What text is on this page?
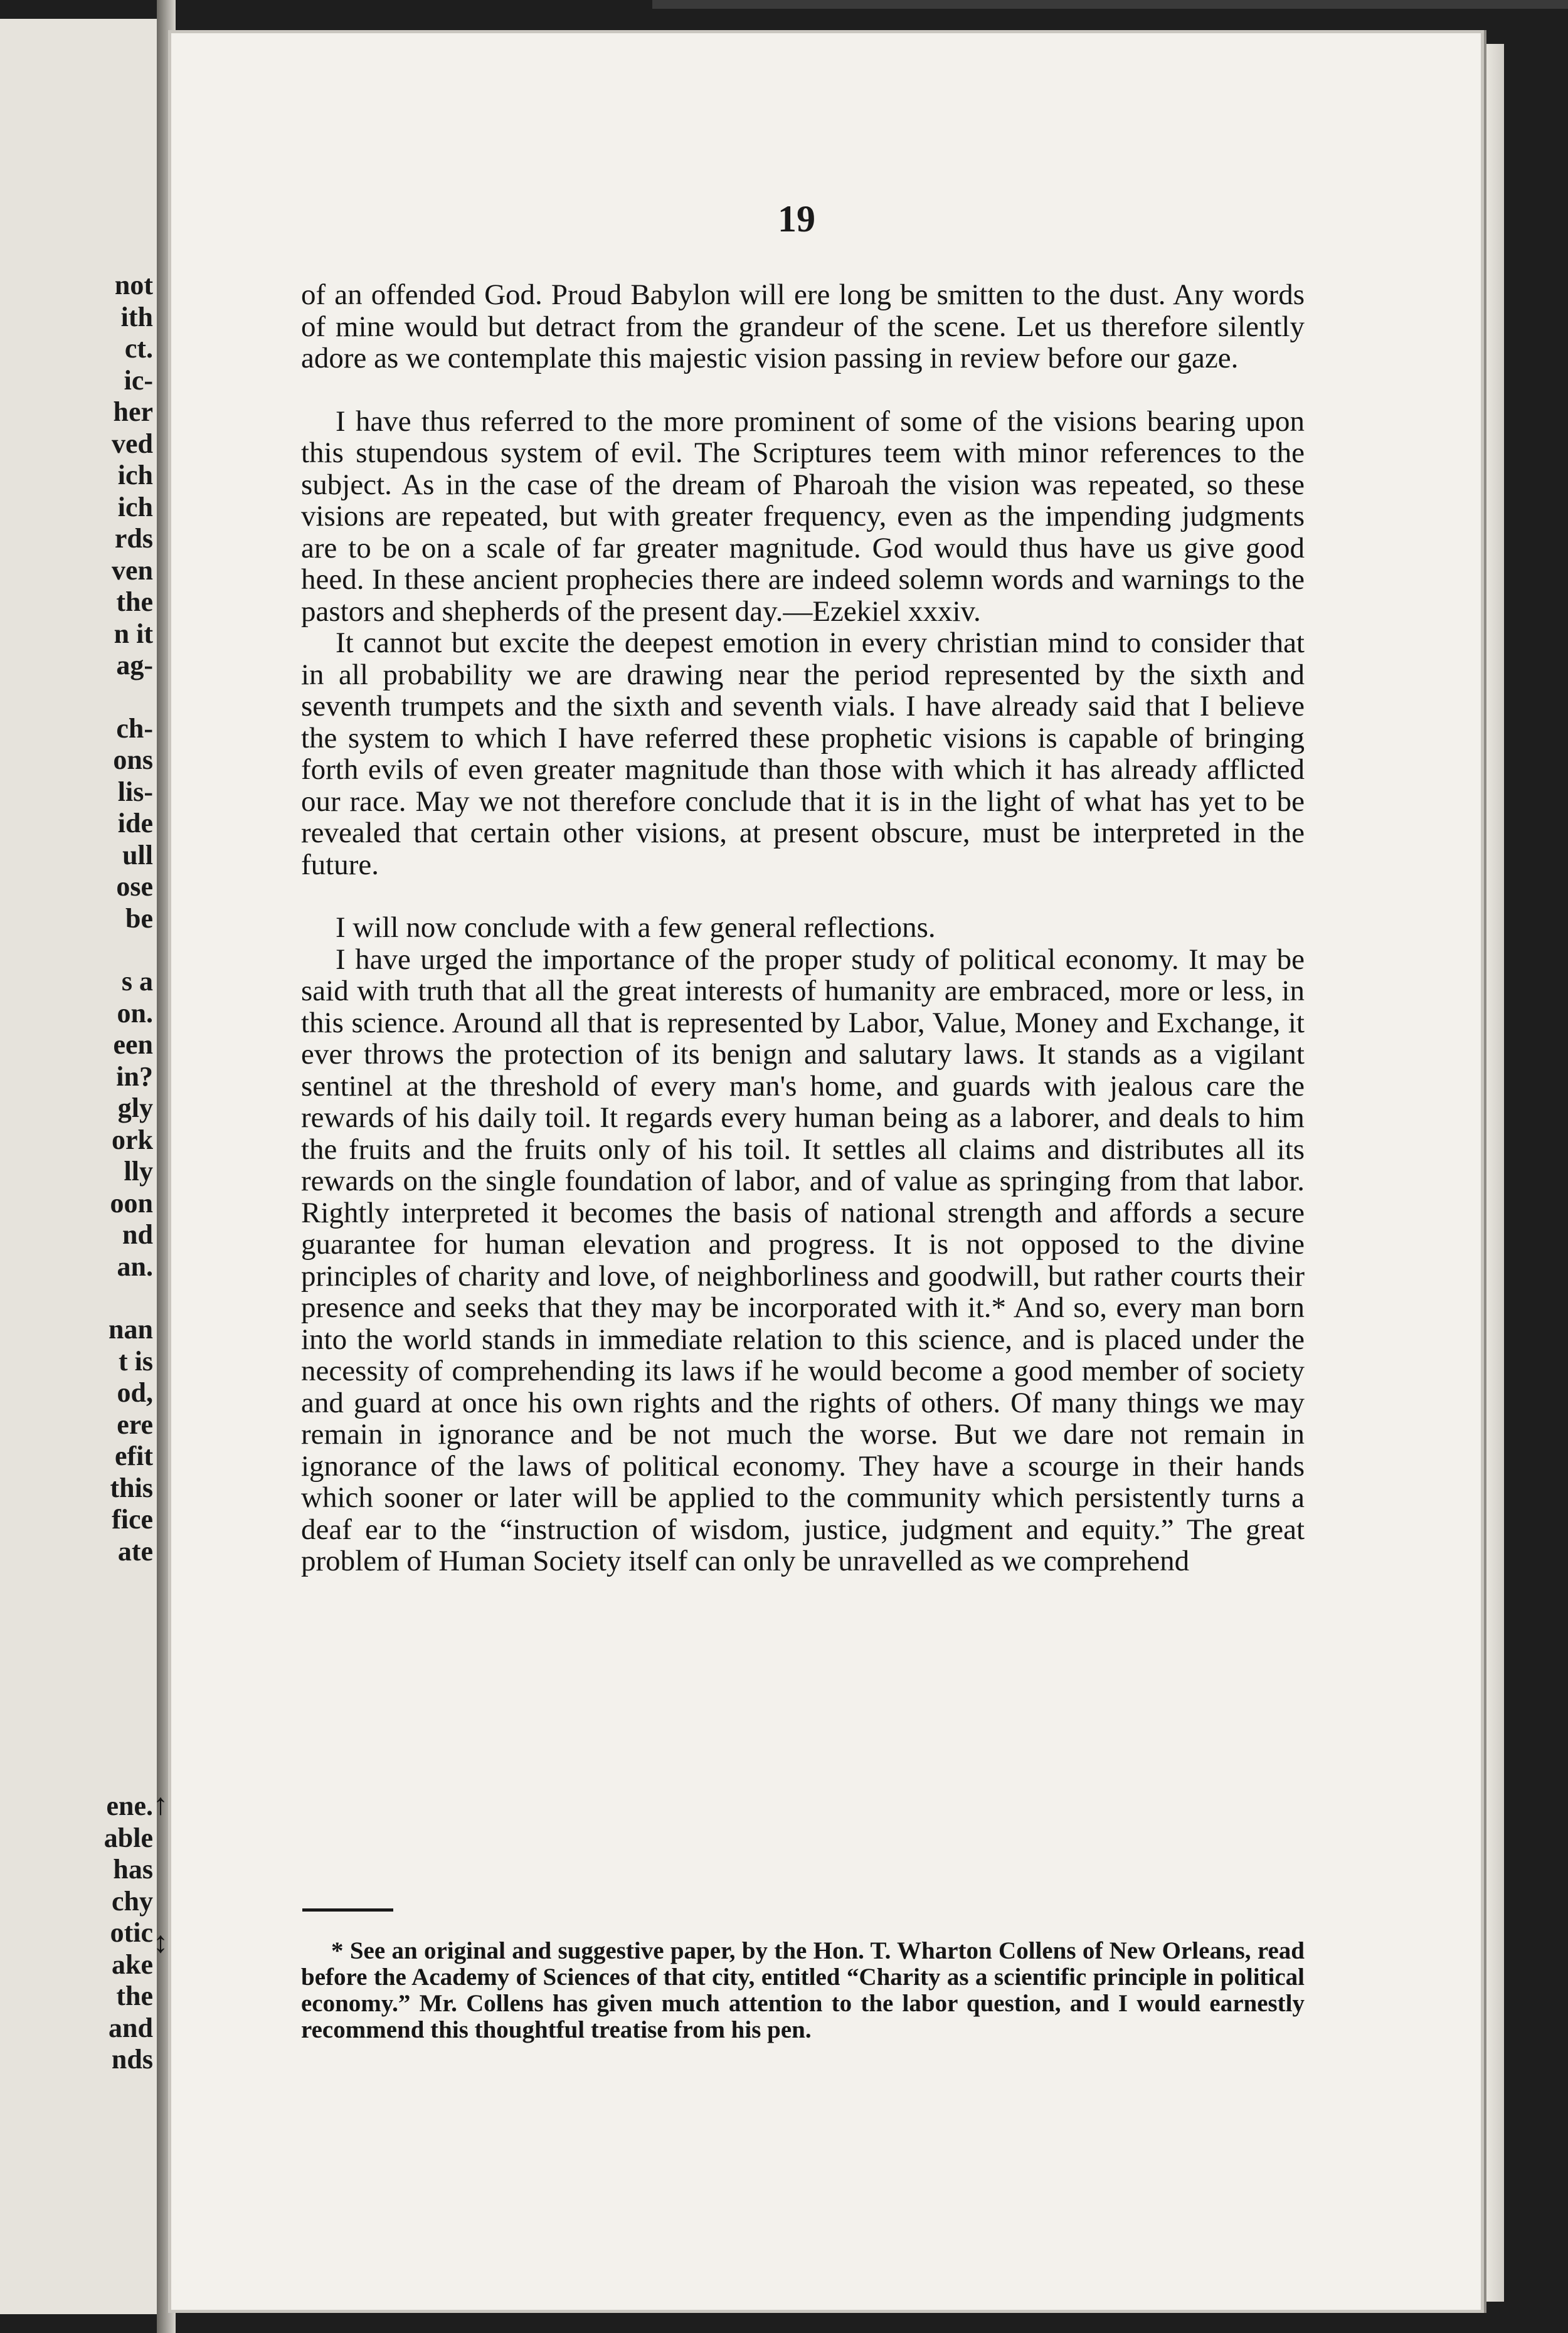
not
ith
ct.
ic-
her
ved
ich
ich
rds
ven
the
n it
ag-
ch-
ons
lis-
ide
ull
ose
be
s a
on.
een
in?
gly
ork
lly
oon
nd
an.
nan
t is
od,
ere
efit
this
fice
ate
ene.
able
has
chy
otic
ake
the
and
nds
↑
↕
19

of an offended God. Proud Babylon will ere long be smitten to the dust. Any words of mine would but detract from the grandeur of the scene. Let us therefore silently adore as we contemplate this majestic vision passing in review before our gaze.

I have thus referred to the more prominent of some of the visions bearing upon this stupendous system of evil. The Scriptures teem with minor references to the subject. As in the case of the dream of Pharoah the vision was repeated, so these visions are repeated, but with greater frequency, even as the impending judgments are to be on a scale of far greater magnitude. God would thus have us give good heed. In these ancient prophecies there are indeed solemn words and warnings to the pastors and shepherds of the present day.—Ezekiel xxxiv.

It cannot but excite the deepest emotion in every christian mind to consider that in all probability we are drawing near the period represented by the sixth and seventh trumpets and the sixth and seventh vials. I have already said that I believe the system to which I have referred these prophetic visions is capable of bringing forth evils of even greater magnitude than those with which it has already afflicted our race. May we not therefore conclude that it is in the light of what has yet to be revealed that certain other visions, at present obscure, must be interpreted in the future.

I will now conclude with a few general reflections.

I have urged the importance of the proper study of political economy. It may be said with truth that all the great interests of humanity are embraced, more or less, in this science. Around all that is represented by Labor, Value, Money and Exchange, it ever throws the protection of its benign and salutary laws. It stands as a vigilant sentinel at the threshold of every man's home, and guards with jealous care the rewards of his daily toil. It regards every human being as a laborer, and deals to him the fruits and the fruits only of his toil. It settles all claims and distributes all its rewards on the single foundation of labor, and of value as springing from that labor. Rightly interpreted it becomes the basis of national strength and affords a secure guarantee for human elevation and progress. It is not opposed to the divine principles of charity and love, of neighborliness and goodwill, but rather courts their presence and seeks that they may be incorporated with it.* And so, every man born into the world stands in immediate relation to this science, and is placed under the necessity of comprehending its laws if he would become a good member of society and guard at once his own rights and the rights of others. Of many things we may remain in ignorance and be not much the worse. But we dare not remain in ignorance of the laws of political economy. They have a scourge in their hands which sooner or later will be applied to the community which persistently turns a deaf ear to the “instruction of wisdom, justice, judgment and equity.” The great problem of Human Society itself can only be unravelled as we comprehend

* See an original and suggestive paper, by the Hon. T. Wharton Collens of New Orleans, read before the Academy of Sciences of that city, entitled “Charity as a scientific principle in political economy.” Mr. Collens has given much attention to the labor question, and I would earnestly recommend this thoughtful treatise from his pen.
